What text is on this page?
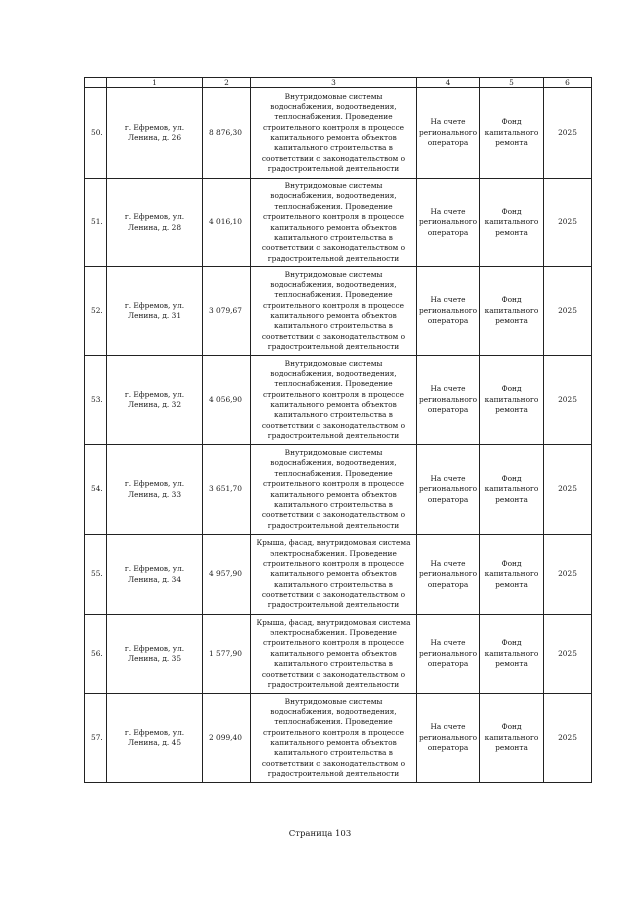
	1	2	3	4	5	6
50.	г. Ефремов, ул. Ленина, д. 26	8 876,30	Внутридомовые системы водоснабжения, водоотведения, теплоснабжения. Проведение строительного контроля в процессе капитального ремонта объектов капитального строительства в соответствии с законодательством о градостроительной деятельности	На счете регионального оператора	Фонд капитального ремонта	2025
51.	г. Ефремов, ул. Ленина, д. 28	4 016,10	Внутридомовые системы водоснабжения, водоотведения, теплоснабжения. Проведение строительного контроля в процессе капитального ремонта объектов капитального строительства в соответствии с законодательством о градостроительной деятельности	На счете регионального оператора	Фонд капитального ремонта	2025
52.	г. Ефремов, ул. Ленина, д. 31	3 079,67	Внутридомовые системы водоснабжения, водоотведения, теплоснабжения. Проведение строительного контроля в процессе капитального ремонта объектов капитального строительства в соответствии с законодательством о градостроительной деятельности	На счете регионального оператора	Фонд капитального ремонта	2025
53.	г. Ефремов, ул. Ленина, д. 32	4 056,90	Внутридомовые системы водоснабжения, водоотведения, теплоснабжения. Проведение строительного контроля в процессе капитального ремонта объектов капитального строительства в соответствии с законодательством о градостроительной деятельности	На счете регионального оператора	Фонд капитального ремонта	2025
54.	г. Ефремов, ул. Ленина, д. 33	3 651,70	Внутридомовые системы водоснабжения, водоотведения, теплоснабжения. Проведение строительного контроля в процессе капитального ремонта объектов капитального строительства в соответствии с законодательством о градостроительной деятельности	На счете регионального оператора	Фонд капитального ремонта	2025
55.	г. Ефремов, ул. Ленина, д. 34	4 957,90	Крыша, фасад, внутридомовая система электроснабжения. Проведение строительного контроля в процессе капитального ремонта объектов капитального строительства в соответствии с законодательством о градостроительной деятельности	На счете регионального оператора	Фонд капитального ремонта	2025
56.	г. Ефремов, ул. Ленина, д. 35	1 577,90	Крыша, фасад, внутридомовая система электроснабжения. Проведение строительного контроля в процессе капитального ремонта объектов капитального строительства в соответствии с законодательством о градостроительной деятельности	На счете регионального оператора	Фонд капитального ремонта	2025
57.	г. Ефремов, ул. Ленина, д. 45	2 099,40	Внутридомовые системы водоснабжения, водоотведения, теплоснабжения. Проведение строительного контроля в процессе капитального ремонта объектов капитального строительства в соответствии с законодательством о градостроительной деятельности	На счете регионального оператора	Фонд капитального ремонта	2025
Страница 103
